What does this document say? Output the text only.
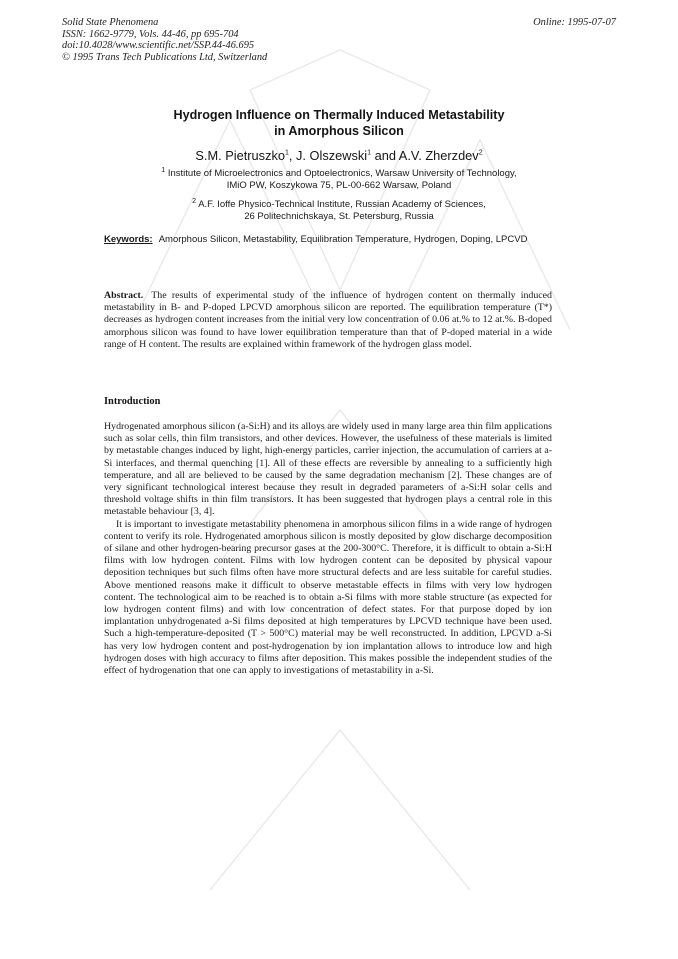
Solid State Phenomena
ISSN: 1662-9779, Vols. 44-46, pp 695-704
doi:10.4028/www.scientific.net/SSP.44-46.695
© 1995 Trans Tech Publications Ltd, Switzerland
Online: 1995-07-07
Hydrogen Influence on Thermally Induced Metastability
in Amorphous Silicon
S.M. Pietruszko$^1$, J. Olszewski$^1$ and A.V. Zherzdev$^2$
$^1$ Institute of Microelectronics and Optoelectronics, Warsaw University of Technology,
IMiO PW, Koszykowa 75, PL-00-662 Warsaw, Poland
$^2$ A.F. Ioffe Physico-Technical Institute, Russian Academy of Sciences,
26 Politechnichskaya, St. Petersburg, Russia
Keywords: Amorphous Silicon, Metastability, Equilibration Temperature, Hydrogen, Doping, LPCVD
Abstract. The results of experimental study of the influence of hydrogen content on thermally induced metastability in B- and P-doped LPCVD amorphous silicon are reported. The equilibration temperature (T*) decreases as hydrogen content increases from the initial very low concentration of 0.06 at.% to 12 at.%. B-doped amorphous silicon was found to have lower equilibration temperature than that of P-doped material in a wide range of H content. The results are explained within framework of the hydrogen glass model.
Introduction

Hydrogenated amorphous silicon (a-Si:H) and its alloys are widely used in many large area thin film applications such as solar cells, thin film transistors, and other devices. However, the usefulness of these materials is limited by metastable changes induced by light, high-energy particles, carrier injection, the accumulation of carriers at a-Si interfaces, and thermal quenching [1]. All of these effects are reversible by annealing to a sufficiently high temperature, and all are believed to be caused by the same degradation mechanism [2]. These changes are of very significant technological interest because they result in degraded parameters of a-Si:H solar cells and threshold voltage shifts in thin film transistors. It has been suggested that hydrogen plays a central role in this metastable behaviour [3, 4].

It is important to investigate metastability phenomena in amorphous silicon films in a wide range of hydrogen content to verify its role. Hydrogenated amorphous silicon is mostly deposited by glow discharge decomposition of silane and other hydrogen-bearing precursor gases at the 200-300°C. Therefore, it is difficult to obtain a-Si:H films with low hydrogen content. Films with low hydrogen content can be deposited by physical vapour deposition techniques but such films often have more structural defects and are less suitable for careful studies. Above mentioned reasons make it difficult to observe metastable effects in films with very low hydrogen content. The technological aim to be reached is to obtain a-Si films with more stable structure (as expected for low hydrogen content films) and with low concentration of defect states. For that purpose doped by ion implantation unhydrogenated a-Si films deposited at high temperatures by LPCVD technique have been used. Such a high-temperature-deposited (T > 500°C) material may be well reconstructed. In addition, LPCVD a-Si has very low hydrogen content and post-hydrogenation by ion implantation allows to introduce low and high hydrogen doses with high accuracy to films after deposition. This makes possible the independent studies of the effect of hydrogenation that one can apply to investigations of metastability in a-Si.
